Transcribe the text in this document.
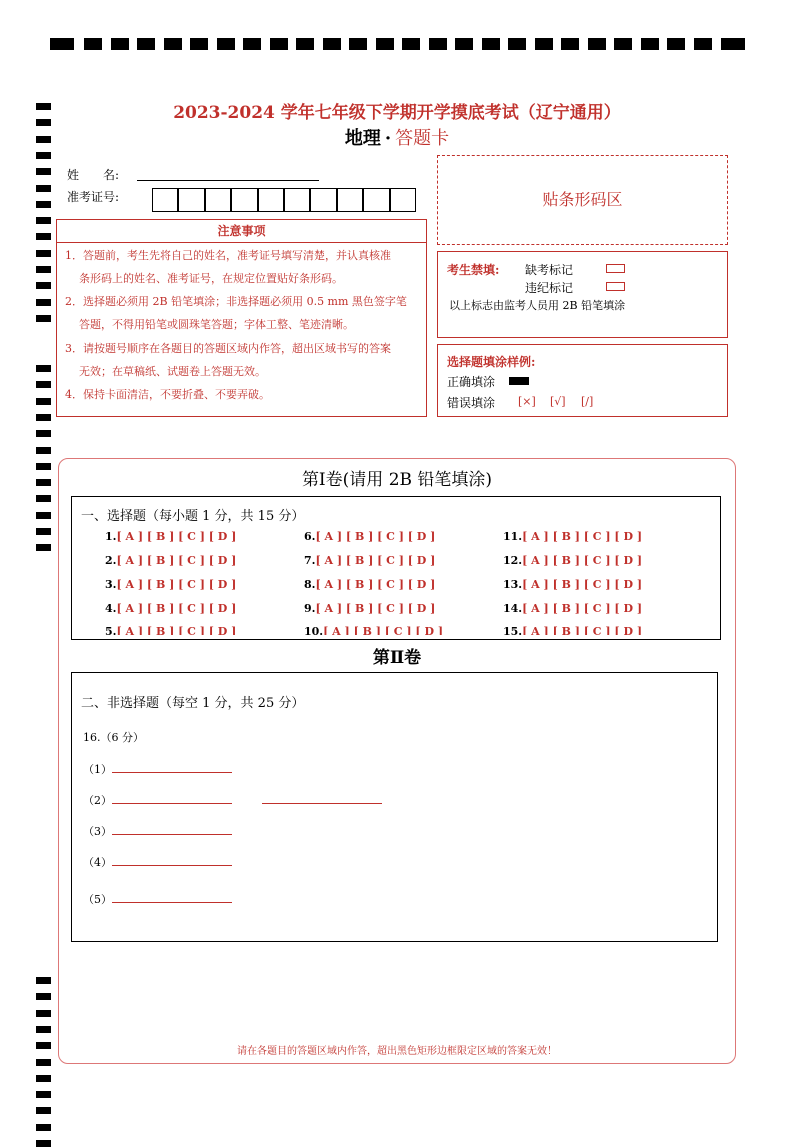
2023-2024 学年七年级下学期开学摸底考试（辽宁通用）
地理 · 答题卡
姓　　名:
准考证号:	贴条形码区
注意事项
1．答题前，考生先将自己的姓名，准考证号填写清楚，并认真核准
条形码上的姓名、准考证号，在规定位置贴好条形码。
2．选择题必须用 2B 铅笔填涂；非选择题必须用 0.5 mm 黑色签字笔
答题，不得用铅笔或圆珠笔答题；字体工整、笔迹清晰。
3．请按题号顺序在各题目的答题区域内作答，超出区域书写的答案
无效；在草稿纸、试题卷上答题无效。
4．保持卡面清洁，不要折叠、不要弄破。
考生禁填: 缺考标记
违纪标记
以上标志由监考人员用 2B 铅笔填涂
选择题填涂样例:
正确填涂
错误填涂 [×] [√] [/]
第Ⅰ卷(请用 2B 铅笔填涂)
一、选择题（每小题 1 分，共 15 分）
1.[ A ] [ B ] [ C ] [ D ]
2.[ A ] [ B ] [ C ] [ D ]
3.[ A ] [ B ] [ C ] [ D ]
4.[ A ] [ B ] [ C ] [ D ]
5.[ A ] [ B ] [ C ] [ D ]
6.[ A ] [ B ] [ C ] [ D ]
7.[ A ] [ B ] [ C ] [ D ]
8.[ A ] [ B ] [ C ] [ D ]
9.[ A ] [ B ] [ C ] [ D ]
10.[ A ] [ B ] [ C ] [ D ]
11.[ A ] [ B ] [ C ] [ D ]
12.[ A ] [ B ] [ C ] [ D ]
13.[ A ] [ B ] [ C ] [ D ]
14.[ A ] [ B ] [ C ] [ D ]
15.[ A ] [ B ] [ C ] [ D ]
第Ⅱ卷
二、非选择题（每空 1 分，共 25 分）
16.（6 分）
（1）
（2）
（3）
（4）
（5）
请在各题目的答题区域内作答，超出黑色矩形边框限定区域的答案无效！
